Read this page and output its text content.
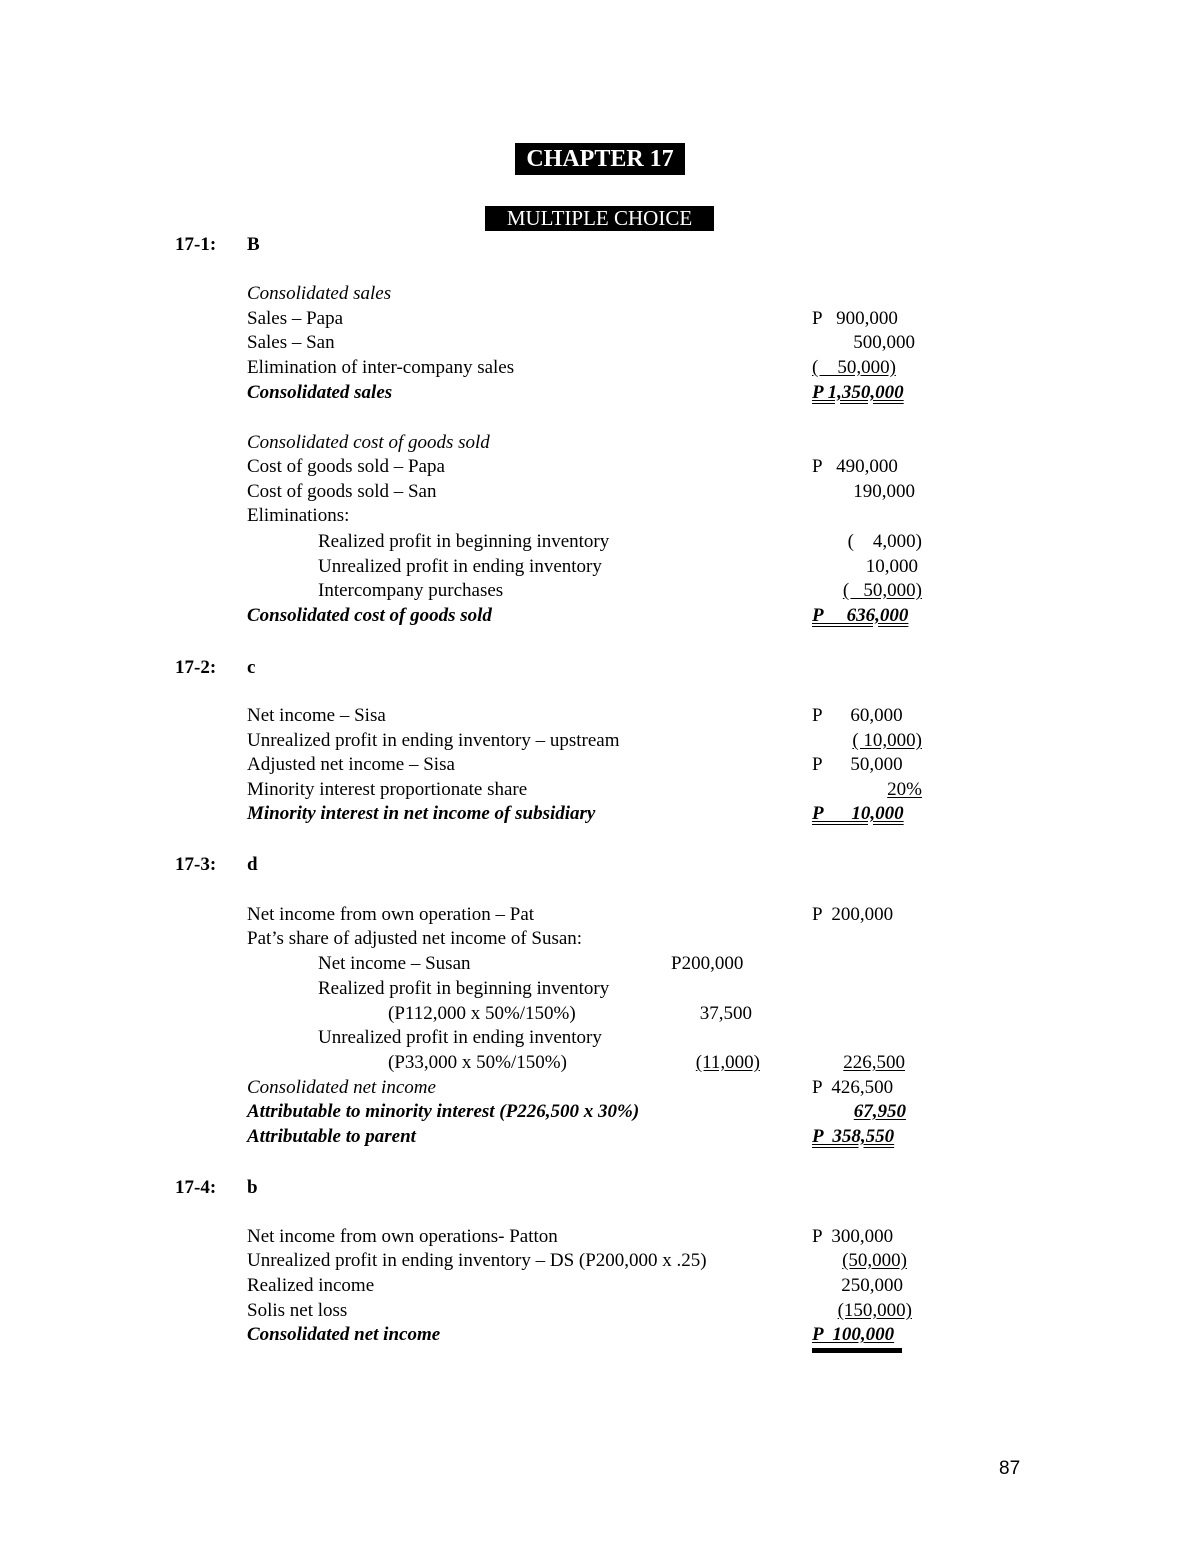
CHAPTER 17
MULTIPLE CHOICE
17-1: B
Consolidated sales
Sales – Papa	P   900,000
Sales – San	500,000
Elimination of inter-company sales	(    50,000)
Consolidated sales	P 1,350,000
Consolidated cost of goods sold
Cost of goods sold – Papa	P   490,000
Cost of goods sold – San	190,000
Eliminations:
Realized profit in beginning inventory	(    4,000)
Unrealized profit in ending inventory	10,000
Intercompany purchases	(   50,000)
Consolidated cost of goods sold	P     636,000
17-2: c
Net income – Sisa	P      60,000
Unrealized profit in ending inventory – upstream	( 10,000)
Adjusted net income – Sisa	P      50,000
Minority interest proportionate share	20%
Minority interest in net income of subsidiary	P      10,000
17-3: d
Net income from own operation – Pat	P  200,000
Pat’s share of adjusted net income of Susan:
Net income – Susan	P200,000
Realized profit in beginning inventory
(P112,000 x 50%/150%)	37,500
Unrealized profit in ending inventory
(P33,000 x 50%/150%)	(11,000)	226,500
Consolidated net income	P  426,500
Attributable to minority interest (P226,500 x 30%)	67,950
Attributable to parent	P  358,550
17-4: b
Net income from own operations- Patton	P  300,000
Unrealized profit in ending inventory – DS (P200,000 x .25)	(50,000)
Realized income	250,000
Solis net loss	(150,000)
Consolidated net income	P  100,000
87
